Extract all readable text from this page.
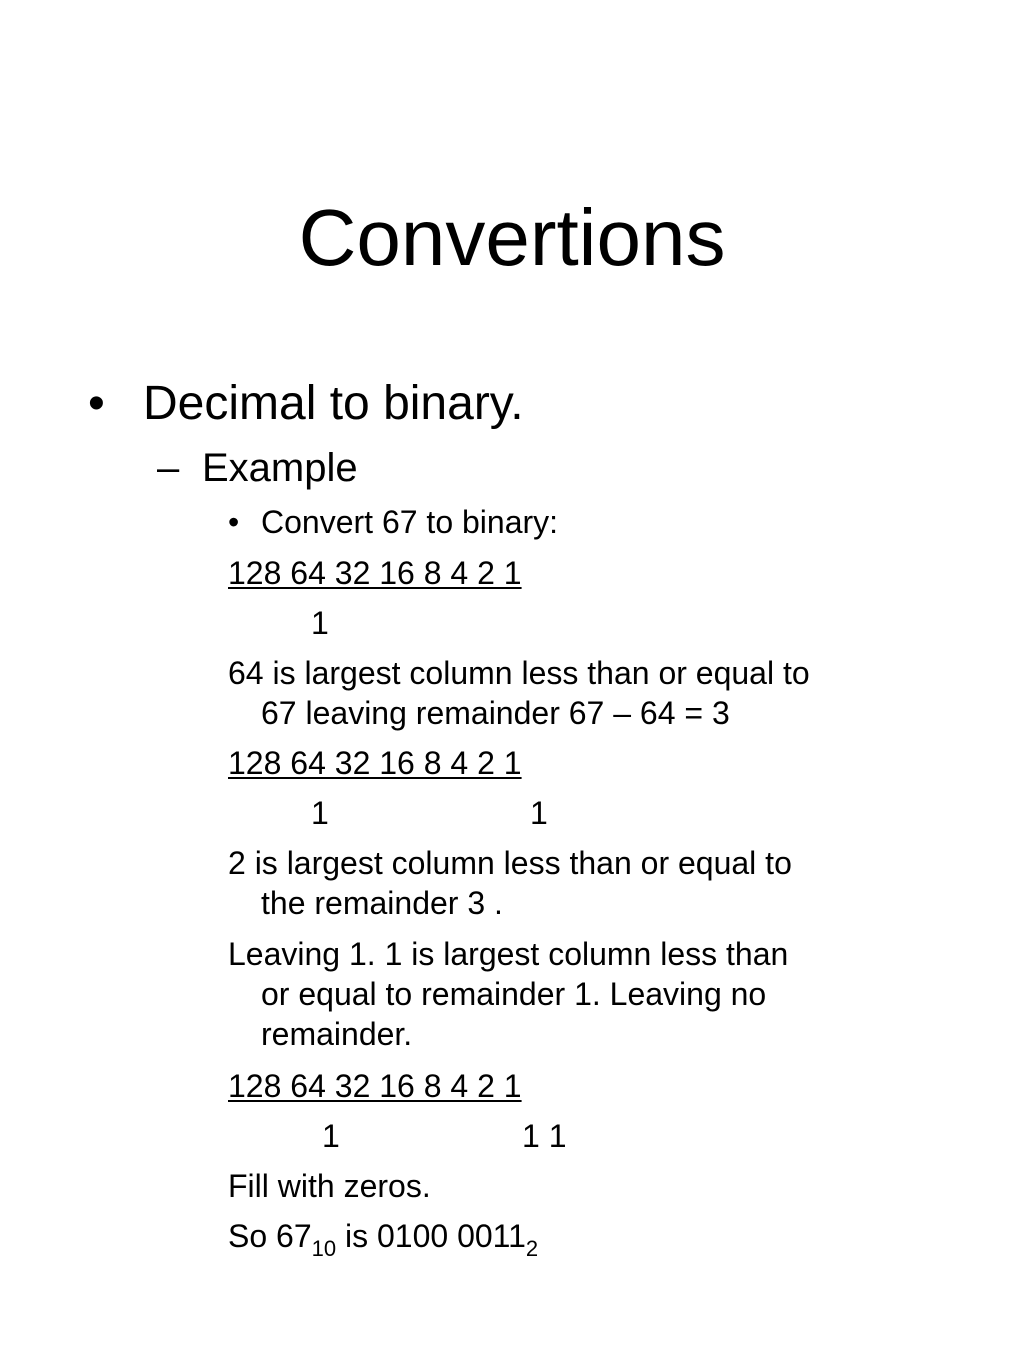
Convertions
• Decimal to binary.
– Example
• Convert 67 to binary:
128 64 32 16 8 4 2 1
1
64 is largest column less than or equal to
67 leaving remainder 67 – 64 = 3
128 64 32 16 8 4 2 1
1	1
2 is largest column less than or equal to
the remainder 3 .
Leaving 1. 1 is largest column less than
or equal to remainder 1. Leaving no
remainder.
128 64 32 16 8 4 2 1
1	1 1
Fill with zeros.
So $67_{10}$ is 0100 $0011_2$
